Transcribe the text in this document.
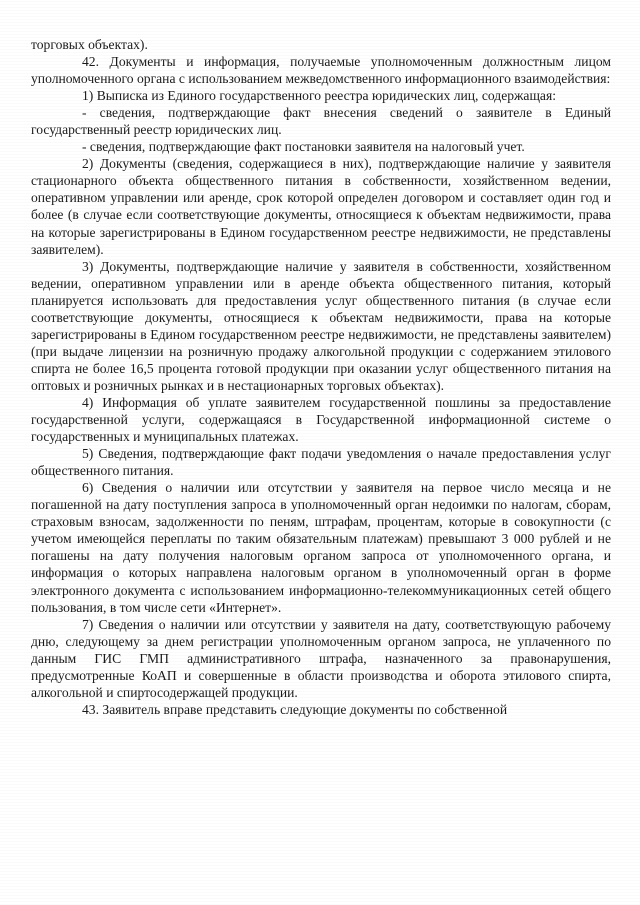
торговых объектах).

42. Документы и информация, получаемые уполномоченным должностным лицом уполномоченного органа с использованием межведомственного информационного взаимодействия:

1) Выписка из Единого государственного реестра юридических лиц, содержащая:

- сведения, подтверждающие факт внесения сведений о заявителе в Единый государственный реестр юридических лиц.

- сведения, подтверждающие факт постановки заявителя на налоговый учет.

2) Документы (сведения, содержащиеся в них), подтверждающие наличие у заявителя стационарного объекта общественного питания в собственности, хозяйственном ведении, оперативном управлении или аренде, срок которой определен договором и составляет один год и более (в случае если соответствующие документы, относящиеся к объектам недвижимости, права на которые зарегистрированы в Едином государственном реестре недвижимости, не представлены заявителем).

3) Документы, подтверждающие наличие у заявителя в собственности, хозяйственном ведении, оперативном управлении или в аренде объекта общественного питания, который планируется использовать для предоставления услуг общественного питания (в случае если соответствующие документы, относящиеся к объектам недвижимости, права на которые зарегистрированы в Едином государственном реестре недвижимости, не представлены заявителем) (при выдаче лицензии на розничную продажу алкогольной продукции с содержанием этилового спирта не более 16,5 процента готовой продукции при оказании услуг общественного питания на оптовых и розничных рынках и в нестационарных торговых объектах).

4) Информация об уплате заявителем государственной пошлины за предоставление государственной услуги, содержащаяся в Государственной информационной системе о государственных и муниципальных платежах.

5) Сведения, подтверждающие факт подачи уведомления о начале предоставления услуг общественного питания.

6) Сведения о наличии или отсутствии у заявителя на первое число месяца и не погашенной на дату поступления запроса в уполномоченный орган недоимки по налогам, сборам, страховым взносам, задолженности по пеням, штрафам, процентам, которые в совокупности (с учетом имеющейся переплаты по таким обязательным платежам) превышают 3 000 рублей и не погашены на дату получения налоговым органом запроса от уполномоченного органа, и информация о которых направлена налоговым органом в уполномоченный орган в форме электронного документа с использованием информационно-телекоммуникационных сетей общего пользования, в том числе сети «Интернет».

7) Сведения о наличии или отсутствии у заявителя на дату, соответствующую рабочему дню, следующему за днем регистрации уполномоченным органом запроса, не уплаченного по данным ГИС ГМП административного штрафа, назначенного за правонарушения, предусмотренные КоАП и совершенные в области производства и оборота этилового спирта, алкогольной и спиртосодержащей продукции.

43. Заявитель вправе представить следующие документы по собственной
